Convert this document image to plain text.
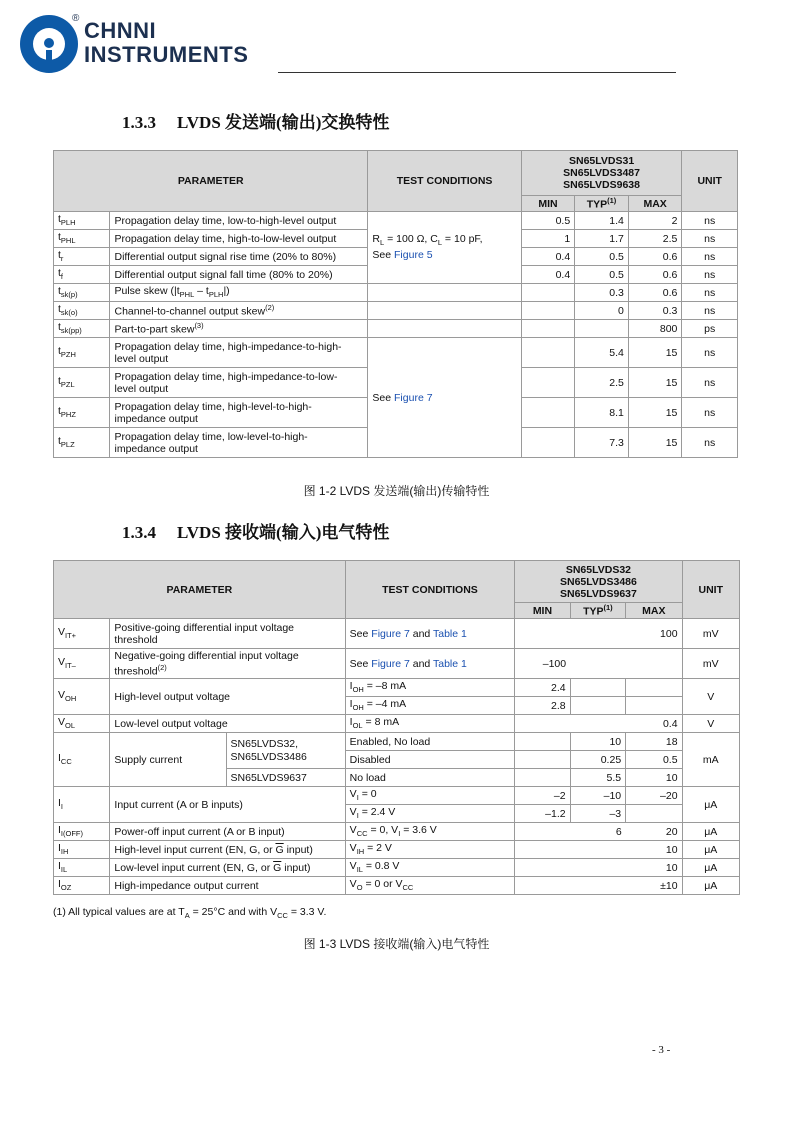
® CHNNI
INSTRUMENTS
1.3.3 LVDS 发送端(输出)交换特性
PARAMETER		TEST CONDITIONS	SN65LVDS31
SN65LVDS3487
SN65LVDS9638			UNIT
			MIN	TYP$^{(1)}$	MAX	
$t_{PLH}$	Propagation delay time, low-to-high-level output	$R_L = 100$ Ω, $C_L = 10$ pF,
See Figure 5	0.5	1.4	2	ns
$t_{PHL}$	Propagation delay time, high-to-low-level output		1	1.7	2.5	ns
$t_r$	Differential output signal rise time (20% to 80%)		0.4	0.5	0.6	ns
$t_f$	Differential output signal fall time (80% to 20%)		0.4	0.5	0.6	ns
$t_{sk(p)}$	Pulse skew $(|t_{PHL} - t_{PLH}|)$			0.3	0.6	ns
$t_{sk(o)}$	Channel-to-channel output skew$^{(2)}$			0	0.3	ns
$t_{sk(pp)}$	Part-to-part skew$^{(3)}$				800	ps
$t_{PZH}$	Propagation delay time, high-impedance-to-high-
level output	See Figure 7		5.4	15	ns
$t_{PZL}$	Propagation delay time, high-impedance-to-low-
level output			2.5	15	ns
$t_{PHZ}$	Propagation delay time, high-level-to-high-
impedance output			8.1	15	ns
$t_{PLZ}$	Propagation delay time, low-level-to-high-
impedance output			7.3	15	ns
图 1-2 LVDS 发送端(输出)传输特性
1.3.4 LVDS 接收端(输入)电气特性
PARAMETER			TEST CONDITIONS	SN65LVDS32
SN65LVDS3486
SN65LVDS9637			UNIT
				MIN	TYP$^{(1)}$	MAX	
$V_{IT+}$	Positive-going differential input voltage
threshold		See Figure 7 and Table 1			100	mV
$V_{IT-}$	Negative-going differential input voltage
threshold$^{(2)}$		See Figure 7 and Table 1	–100			mV
$V_{OH}$	High-level output voltage		$I_{OH} = -8$ mA	2.4			V
			$I_{OH} = -4$ mA	2.8			
$V_{OL}$	Low-level output voltage		$I_{OL} = 8$ mA			0.4	V
$I_{CC}$	Supply current	SN65LVDS32,
SN65LVDS3486	Enabled, No load		10	18	mA
			Disabled		0.25	0.5	
		SN65LVDS9637	No load		5.5	10	
$I_I$	Input current (A or B inputs)		$V_I = 0$	–2	–10	–20	μA
			$V_I = 2.4$ V	–1.2	–3		
$I_{I(OFF)}$	Power-off input current (A or B input)		$V_{CC} = 0$, $V_I = 3.6$ V		6	20	μA
$I_{IH}$	High-level input current (EN, G, or $\overline{G}$ input)		$V_{IH} = 2$ V			10	μA
$I_{IL}$	Low-level input current (EN, G, or $\overline{G}$ input)		$V_{IL} = 0.8$ V			10	μA
$I_{OZ}$	High-impedance output current		$V_O = 0$ or $V_{CC}$			±10	μA
(1) All typical values are at $T_A = 25^\circ C$ and with $V_{CC} = 3.3$ V.
图 1-3 LVDS 接收端(输入)电气特性
- 3 -
